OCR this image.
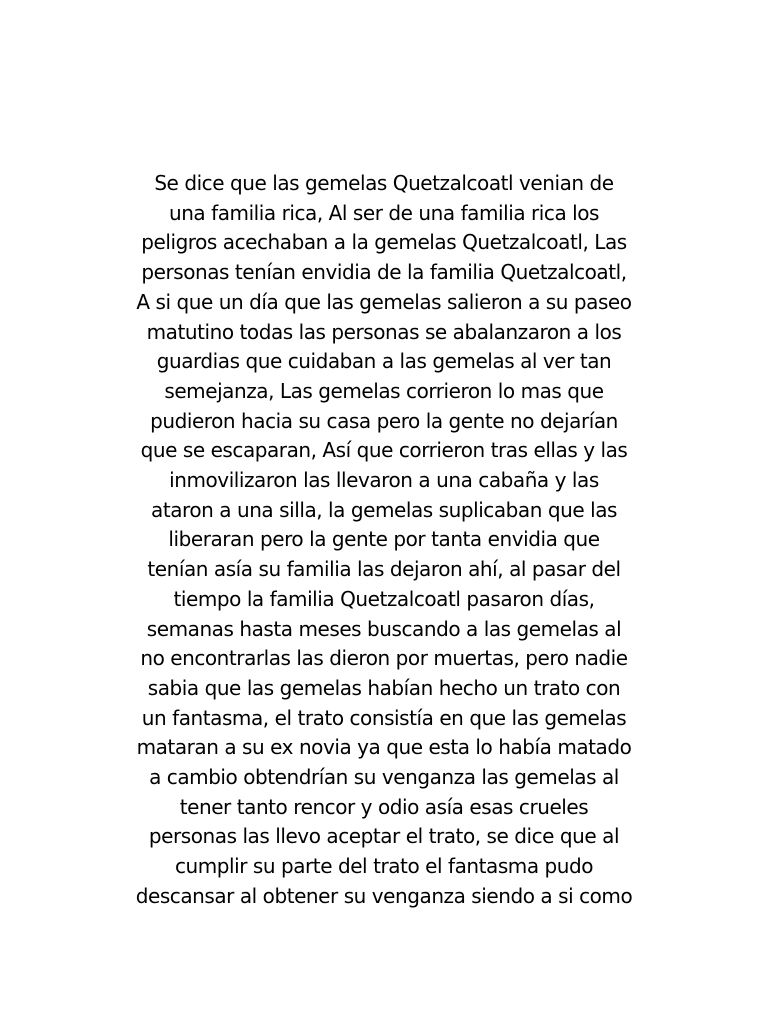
Se dice que las gemelas Quetzalcoatl venian de
una familia rica, Al ser de una familia rica los
peligros acechaban a la gemelas Quetzalcoatl, Las
personas tenían envidia de la familia Quetzalcoatl,
A si que un día que las gemelas salieron a su paseo
matutino todas las personas se abalanzaron a los
guardias que cuidaban a las gemelas al ver tan
semejanza, Las gemelas corrieron lo mas que
pudieron hacia su casa pero la gente no dejarían
que se escaparan, Así que corrieron tras ellas y las
inmovilizaron las llevaron a una cabaña y las
ataron a una silla, la gemelas suplicaban que las
liberaran pero la gente por tanta envidia que
tenían asía su familia las dejaron ahí, al pasar del
tiempo la familia Quetzalcoatl pasaron días,
semanas hasta meses buscando a las gemelas al
no encontrarlas las dieron por muertas, pero nadie
sabia que las gemelas habían hecho un trato con
un fantasma, el trato consistía en que las gemelas
mataran a su ex novia ya que esta lo había matado
a cambio obtendrían su venganza las gemelas al
tener tanto rencor y odio asía esas crueles
personas las llevo aceptar el trato, se dice que al
cumplir su parte del trato el fantasma pudo
descansar al obtener su venganza siendo a si como
